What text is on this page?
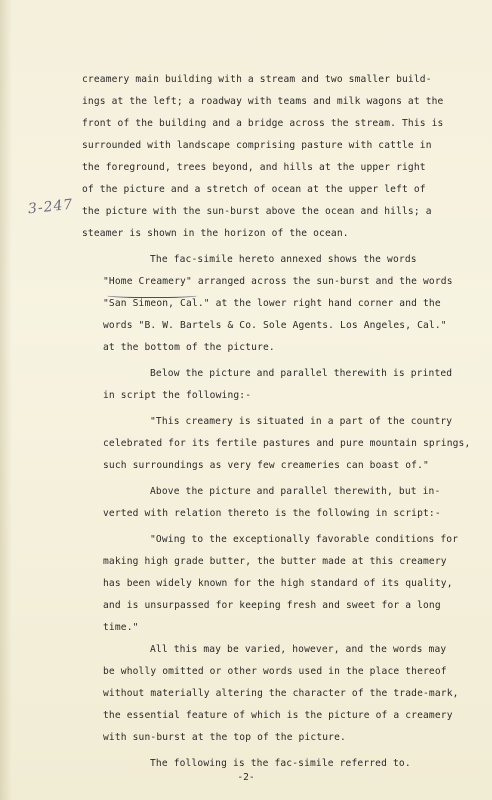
3-247
creamery main building with a stream and two smaller build-
ings at the left; a roadway with teams and milk wagons at the
front of the building and a bridge across the stream. This is
surrounded with landscape comprising pasture with cattle in
the foreground, trees beyond, and hills at the upper right
of the picture and a stretch of ocean at the upper left of
the picture with the sun-burst above the ocean and hills; a
steamer is shown in the horizon of the ocean.
The fac-simile hereto annexed shows the words
"Home Creamery" arranged across the sun-burst and the words
"San Simeon, Cal." at the lower right hand corner and the
words "B. W. Bartels & Co. Sole Agents. Los Angeles, Cal."
at the bottom of the picture.
Below the picture and parallel therewith is printed
in script the following:-
"This creamery is situated in a part of the country
celebrated for its fertile pastures and pure mountain springs,
such surroundings as very few creameries can boast of."
Above the picture and parallel therewith, but in-
verted with relation thereto is the following in script:-
"Owing to the exceptionally favorable conditions for
making high grade butter, the butter made at this creamery
has been widely known for the high standard of its quality,
and is unsurpassed for keeping fresh and sweet for a long
time."
All this may be varied, however, and the words may
be wholly omitted or other words used in the place thereof
without materially altering the character of the trade-mark,
the essential feature of which is the picture of a creamery
with sun-burst at the top of the picture.
The following is the fac-simile referred to.
-2-
